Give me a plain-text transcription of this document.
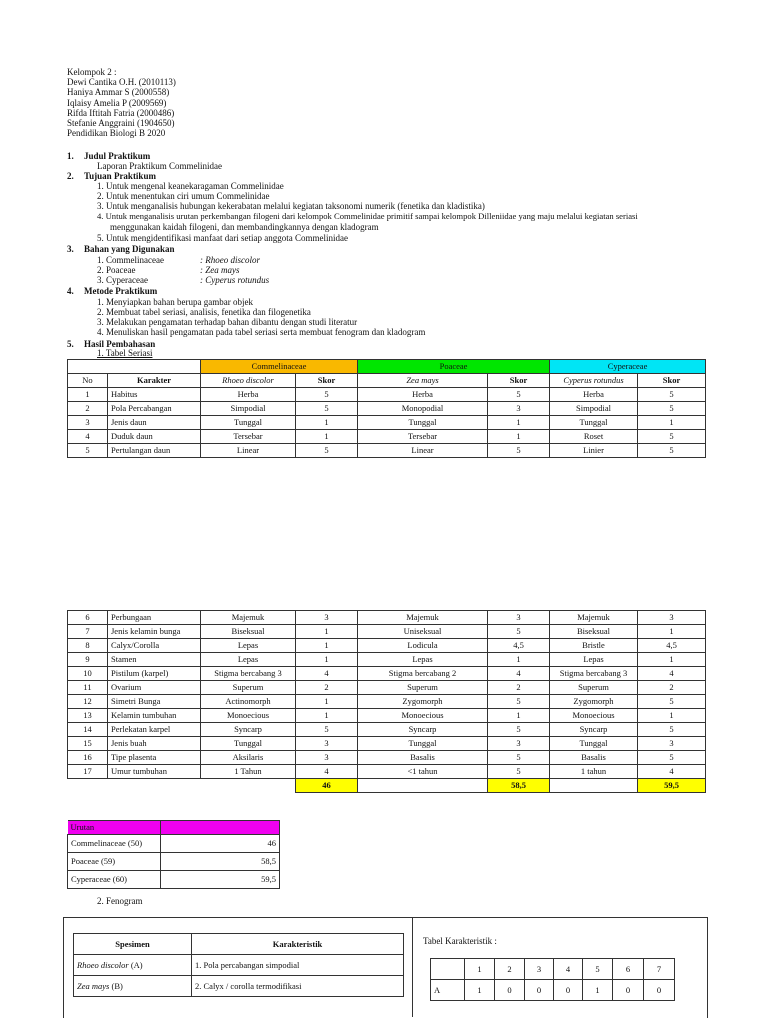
Kelompok 2 :
Dewi Cantika O.H. (2010113)
Haniya Ammar S (2000558)
Iqlaisy Amelia P (2009569)
Rifda Iftitah Fatria (2000486)
Stefanie Anggraini (1904650)
Pendidikan Biologi B 2020
1. Judul Praktikum
Laporan Praktikum Commelinidae
2. Tujuan Praktikum
1. Untuk mengenal keanekaragaman Commelinidae
2. Untuk menentukan ciri umum Commelinidae
3. Untuk menganalisis hubungan kekerabatan melalui kegiatan taksonomi numerik (fenetika dan kladistika)
4. Untuk menganalisis urutan perkembangan filogeni dari kelompok Commelinidae primitif sampai kelompok Dilleniidae yang maju melalui kegiatan seriasi
menggunakan kaidah filogeni, dan membandingkannya dengan kladogram
5. Untuk mengidentifikasi manfaat dari setiap anggota Commelinidae
3. Bahan yang Digunakan
1. Commelinaceae	: Rhoeo discolor
2. Poaceae	: Zea mays
3. Cyperaceae	: Cyperus rotundus
4. Metode Praktikum
1. Menyiapkan bahan berupa gambar objek
2. Membuat tabel seriasi, analisis, fenetika dan filogenetika
3. Melakukan pengamatan terhadap bahan dibantu dengan studi literatur
4. Menuliskan hasil pengamatan pada tabel seriasi serta membuat fenogram dan kladogram
5. Hasil Pembahasan
1. Tabel Seriasi
		Commelinaceae		Poaceae		Cyperaceae	
No	Karakter	Rhoeo discolor	Skor	Zea mays	Skor	Cyperus rotundus	Skor
1	Habitus	Herba	5	Herba	5	Herba	5
2	Pola Percabangan	Simpodial	5	Monopodial	3	Simpodial	5
3	Jenis daun	Tunggal	1	Tunggal	1	Tunggal	1
4	Duduk daun	Tersebar	1	Tersebar	1	Roset	5
5	Pertulangan daun	Linear	5	Linear	5	Linier	5
6	Perbungaan	Majemuk	3	Majemuk	3	Majemuk	3
7	Jenis kelamin bunga	Biseksual	1	Uniseksual	5	Biseksual	1
8	Calyx/Corolla	Lepas	1	Lodicula	4,5	Bristle	4,5
9	Stamen	Lepas	1	Lepas	1	Lepas	1
10	Pistilum (karpel)	Stigma bercabang 3	4	Stigma bercabang 2	4	Stigma bercabang 3	4
11	Ovarium	Superum	2	Superum	2	Superum	2
12	Simetri Bunga	Actinomorph	1	Zygomorph	5	Zygomorph	5
13	Kelamin tumbuhan	Monoecious	1	Monoecious	1	Monoecious	1
14	Perlekatan karpel	Syncarp	5	Syncarp	5	Syncarp	5
15	Jenis buah	Tunggal	3	Tunggal	3	Tunggal	3
16	Tipe plasenta	Aksilaris	3	Basalis	5	Basalis	5
17	Umur tumbuhan	1 Tahun	4	<1 tahun	5	1 tahun	4
			46		58,5		59,5
Urutan	
Commelinaceae (50)	46
Poaceae (59)	58,5
Cyperaceae (60)	59,5
2. Fenogram
Spesimen	Karakteristik
Rhoeo discolor (A)	1. Pola percabangan simpodial
Zea mays (B)	2. Calyx / corolla termodifikasi
Tabel Karakteristik :
	1	2	3	4	5	6	7
A	1	0	0	0	1	0	0
